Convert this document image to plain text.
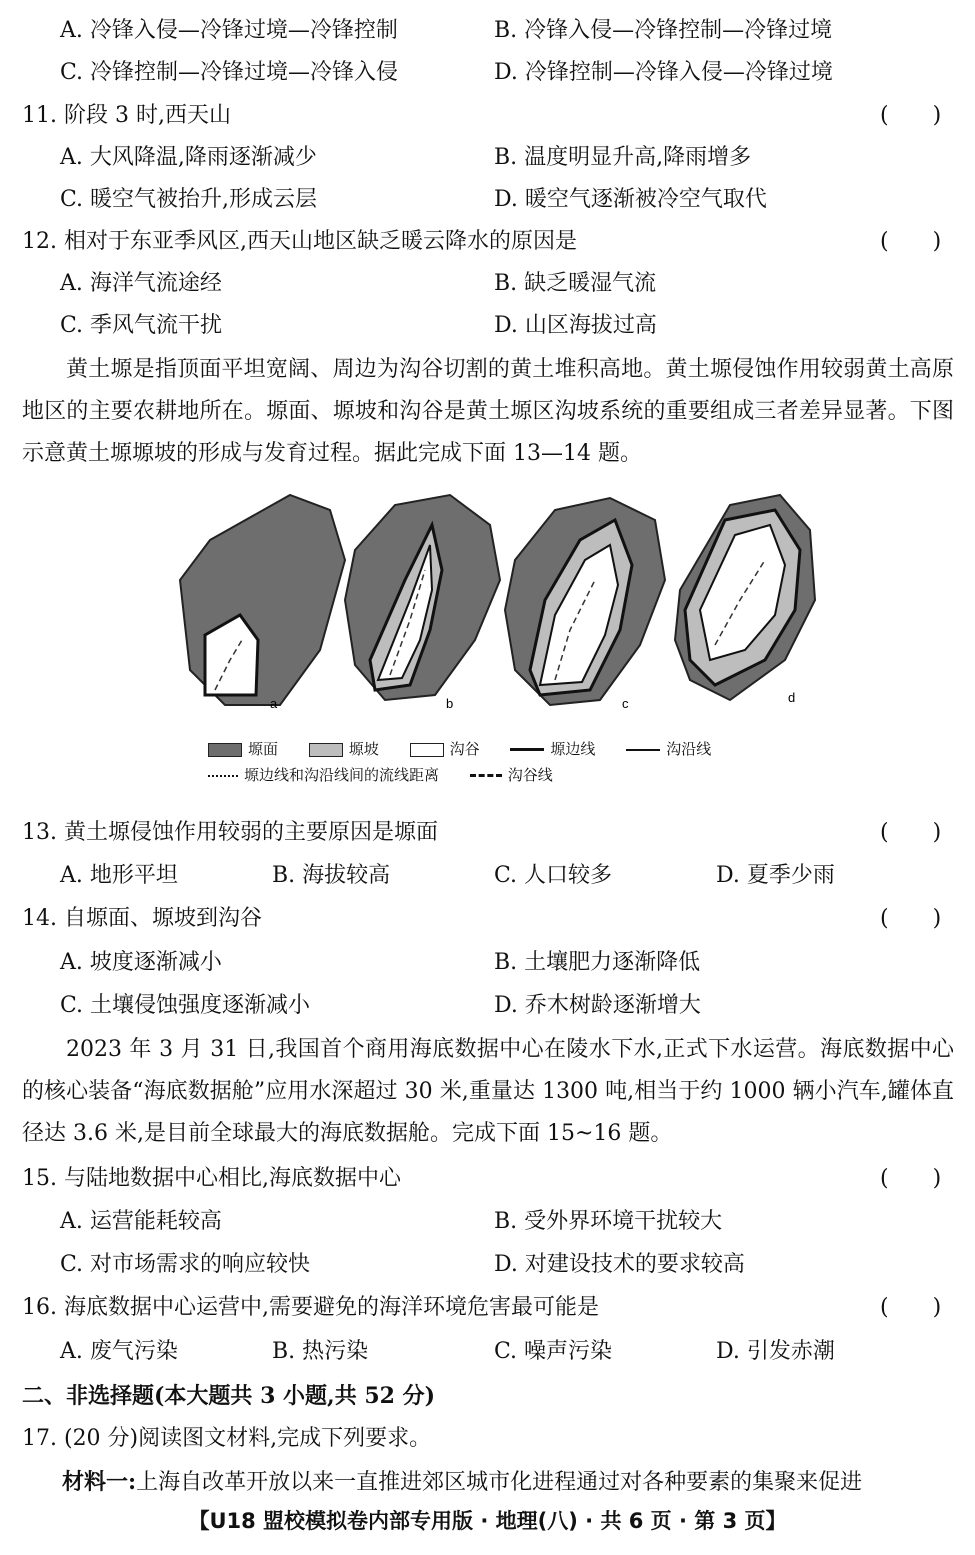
A. 冷锋入侵—冷锋过境—冷锋控制	B. 冷锋入侵—冷锋控制—冷锋过境
C. 冷锋控制—冷锋过境—冷锋入侵	D. 冷锋控制—冷锋入侵—冷锋过境
11. 阶段 3 时,西天山	(　　)
A. 大风降温,降雨逐渐减少	B. 温度明显升高,降雨增多
C. 暖空气被抬升,形成云层	D. 暖空气逐渐被冷空气取代
12. 相对于东亚季风区,西天山地区缺乏暖云降水的原因是	(　　)
A. 海洋气流途经	B. 缺乏暖湿气流
C. 季风气流干扰	D. 山区海拔过高
黄土塬是指顶面平坦宽阔、周边为沟谷切割的黄土堆积高地。黄土塬侵蚀作用较弱黄土高原地区的主要农耕地所在。塬面、塬坡和沟谷是黄土塬区沟坡系统的重要组成三者差异显著。下图示意黄土塬塬坡的形成与发育过程。据此完成下面 13—14 题。
a	b	c	d
塬面	塬坡	沟谷	塬边线	沟沿线
塬边线和沟沿线间的流线距离	沟谷线
13. 黄土塬侵蚀作用较弱的主要原因是塬面	(　　)
A. 地形平坦	B. 海拔较高	C. 人口较多	D. 夏季少雨
14. 自塬面、塬坡到沟谷	(　　)
A. 坡度逐渐减小	B. 土壤肥力逐渐降低
C. 土壤侵蚀强度逐渐减小	D. 乔木树龄逐渐增大
2023 年 3 月 31 日,我国首个商用海底数据中心在陵水下水,正式下水运营。海底数据中心的核心装备“海底数据舱”应用水深超过 30 米,重量达 1300 吨,相当于约 1000 辆小汽车,罐体直径达 3.6 米,是目前全球最大的海底数据舱。完成下面 15~16 题。
15. 与陆地数据中心相比,海底数据中心	(　　)
A. 运营能耗较高	B. 受外界环境干扰较大
C. 对市场需求的响应较快	D. 对建设技术的要求较高
16. 海底数据中心运营中,需要避免的海洋环境危害最可能是	(　　)
A. 废气污染	B. 热污染	C. 噪声污染	D. 引发赤潮
二、非选择题(本大题共 3 小题,共 52 分)
17. (20 分)阅读图文材料,完成下列要求。
材料一:上海自改革开放以来一直推进郊区城市化进程通过对各种要素的集聚来促进
【U18 盟校模拟卷内部专用版 · 地理(八) · 共 6 页 · 第 3 页】
